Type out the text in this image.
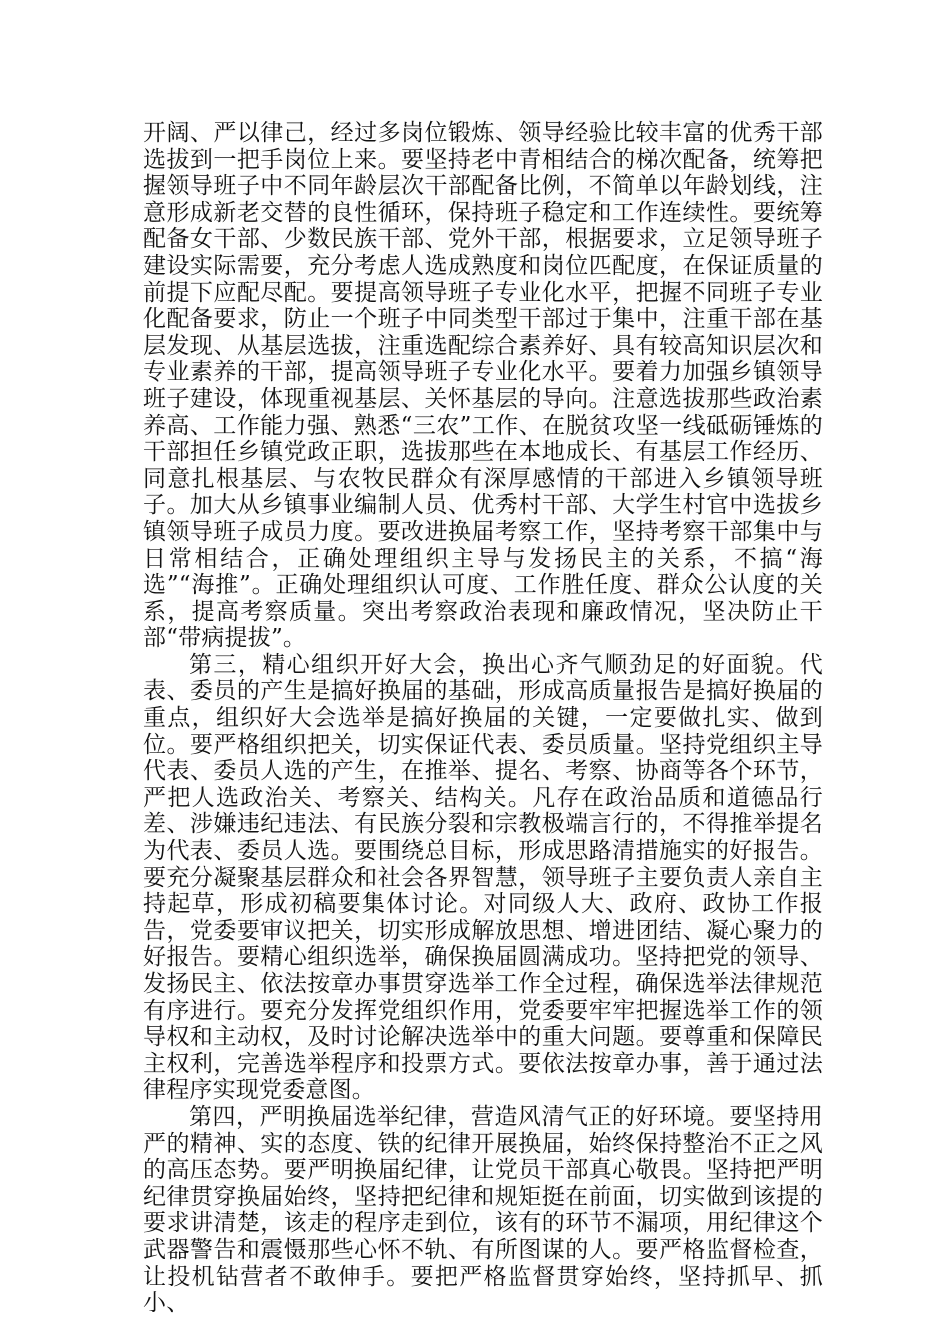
开阔、严以律己，经过多岗位锻炼、领导经验比较丰富的优秀干部选拔到一把手岗位上来。要坚持老中青相结合的梯次配备，统筹把握领导班子中不同年龄层次干部配备比例，不简单以年龄划线，注意形成新老交替的良性循环，保持班子稳定和工作连续性。要统筹配备女干部、少数民族干部、党外干部，根据要求，立足领导班子建设实际需要，充分考虑人选成熟度和岗位匹配度，在保证质量的前提下应配尽配。要提高领导班子专业化水平，把握不同班子专业化配备要求，防止一个班子中同类型干部过于集中，注重干部在基层发现、从基层选拔，注重选配综合素养好、具有较高知识层次和专业素养的干部，提高领导班子专业化水平。要着力加强乡镇领导班子建设，体现重视基层、关怀基层的导向。注意选拔那些政治素养高、工作能力强、熟悉“三农”工作、在脱贫攻坚一线砥砺锤炼的干部担任乡镇党政正职，选拔那些在本地成长、有基层工作经历、同意扎根基层、与农牧民群众有深厚感情的干部进入乡镇领导班子。加大从乡镇事业编制人员、优秀村干部、大学生村官中选拔乡镇领导班子成员力度。要改进换届考察工作，坚持考察干部集中与日常相结合，正确处理组织主导与发扬民主的关系，不搞“海选”“海推”。正确处理组织认可度、工作胜任度、群众公认度的关系，提高考察质量。突出考察政治表现和廉政情况，坚决防止干部“带病提拔”。

第三，精心组织开好大会，换出心齐气顺劲足的好面貌。代表、委员的产生是搞好换届的基础，形成高质量报告是搞好换届的重点，组织好大会选举是搞好换届的关键，一定要做扎实、做到位。要严格组织把关，切实保证代表、委员质量。坚持党组织主导代表、委员人选的产生，在推举、提名、考察、协商等各个环节，严把人选政治关、考察关、结构关。凡存在政治品质和道德品行差、涉嫌违纪违法、有民族分裂和宗教极端言行的，不得推举提名为代表、委员人选。要围绕总目标，形成思路清措施实的好报告。要充分凝聚基层群众和社会各界智慧，领导班子主要负责人亲自主持起草，形成初稿要集体讨论。对同级人大、政府、政协工作报告，党委要审议把关，切实形成解放思想、增进团结、凝心聚力的好报告。要精心组织选举，确保换届圆满成功。坚持把党的领导、发扬民主、依法按章办事贯穿选举工作全过程，确保选举法律规范有序进行。要充分发挥党组织作用，党委要牢牢把握选举工作的领导权和主动权，及时讨论解决选举中的重大问题。要尊重和保障民主权利，完善选举程序和投票方式。要依法按章办事，善于通过法律程序实现党委意图。

第四，严明换届选举纪律，营造风清气正的好环境。要坚持用严的精神、实的态度、铁的纪律开展换届，始终保持整治不正之风的高压态势。要严明换届纪律，让党员干部真心敬畏。坚持把严明纪律贯穿换届始终，坚持把纪律和规矩挺在前面，切实做到该提的要求讲清楚，该走的程序走到位，该有的环节不漏项，用纪律这个武器警告和震慑那些心怀不轨、有所图谋的人。要严格监督检查，让投机钻营者不敢伸手。要把严格监督贯穿始终，坚持抓早、抓小、
